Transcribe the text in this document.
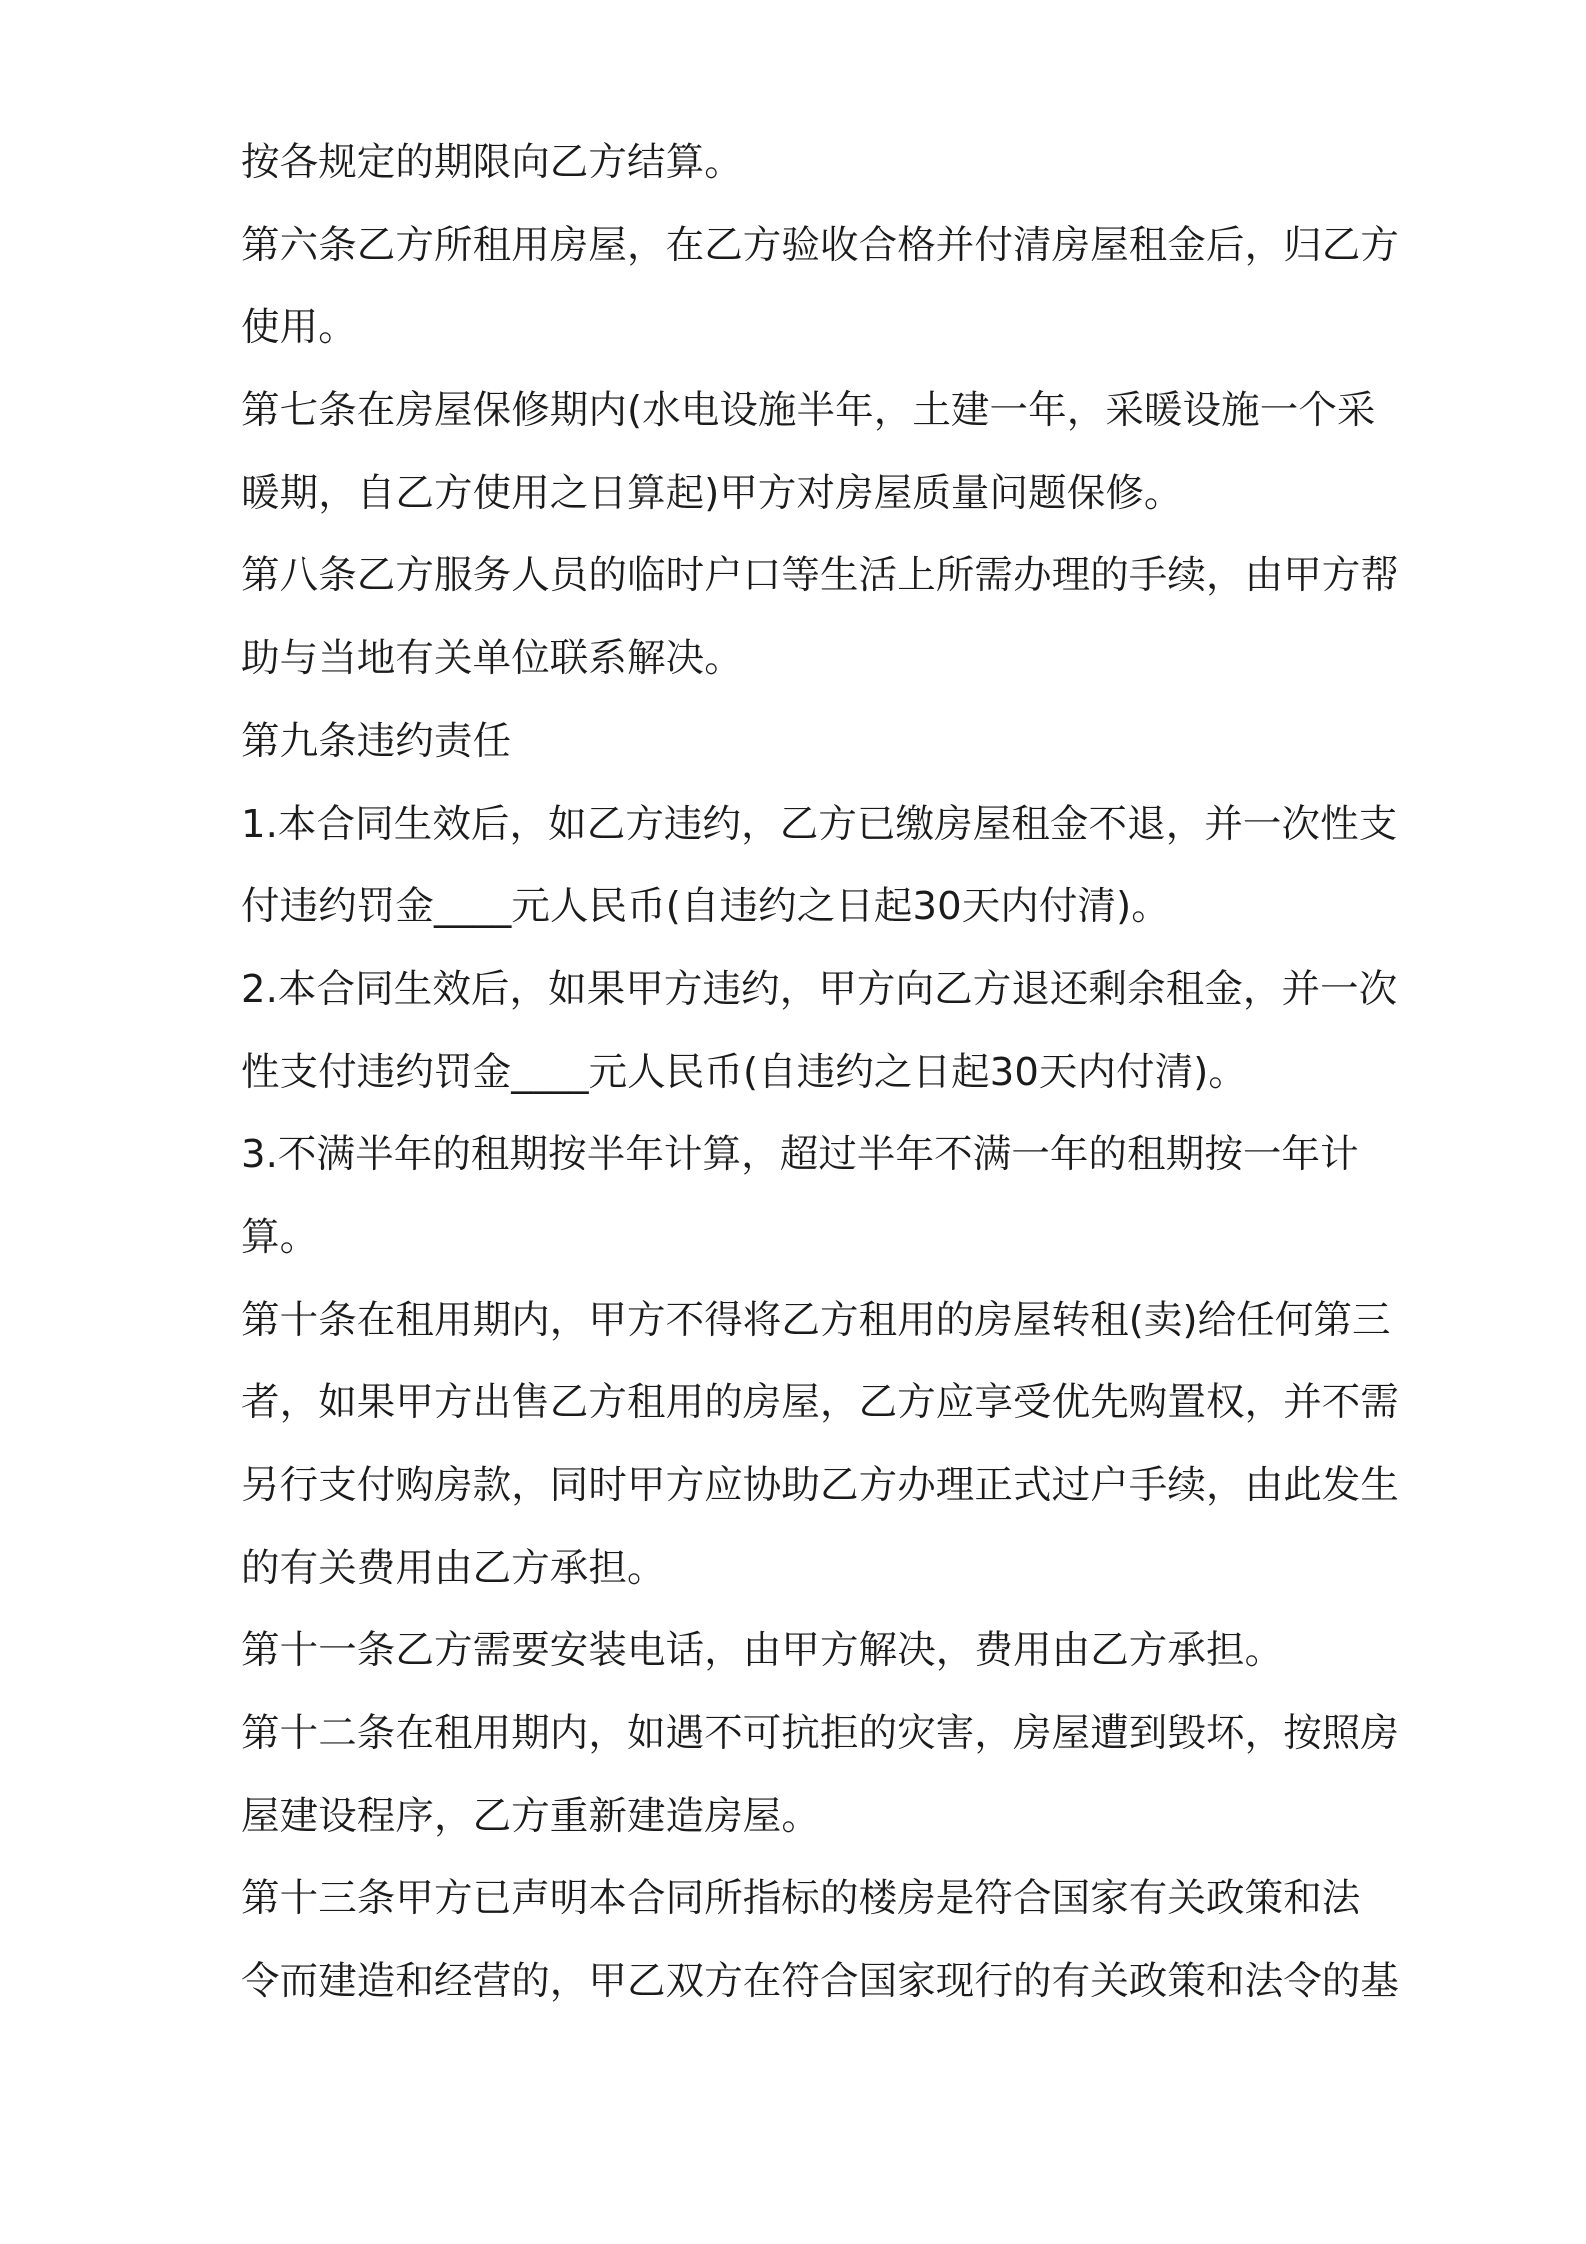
按各规定的期限向乙方结算。
第六条乙方所租用房屋，在乙方验收合格并付清房屋租金后，归乙方
使用。
第七条在房屋保修期内(水电设施半年，土建一年，采暖设施一个采
暖期，自乙方使用之日算起)甲方对房屋质量问题保修。
第八条乙方服务人员的临时户口等生活上所需办理的手续，由甲方帮
助与当地有关单位联系解决。
第九条违约责任
1.本合同生效后，如乙方违约，乙方已缴房屋租金不退，并一次性支
付违约罚金____元人民币(自违约之日起30天内付清)。
2.本合同生效后，如果甲方违约，甲方向乙方退还剩余租金，并一次
性支付违约罚金____元人民币(自违约之日起30天内付清)。
3.不满半年的租期按半年计算，超过半年不满一年的租期按一年计
算。
第十条在租用期内，甲方不得将乙方租用的房屋转租(卖)给任何第三
者，如果甲方出售乙方租用的房屋，乙方应享受优先购置权，并不需
另行支付购房款，同时甲方应协助乙方办理正式过户手续，由此发生
的有关费用由乙方承担。
第十一条乙方需要安装电话，由甲方解决，费用由乙方承担。
第十二条在租用期内，如遇不可抗拒的灾害，房屋遭到毁坏，按照房
屋建设程序，乙方重新建造房屋。
第十三条甲方已声明本合同所指标的楼房是符合国家有关政策和法
令而建造和经营的，甲乙双方在符合国家现行的有关政策和法令的基
